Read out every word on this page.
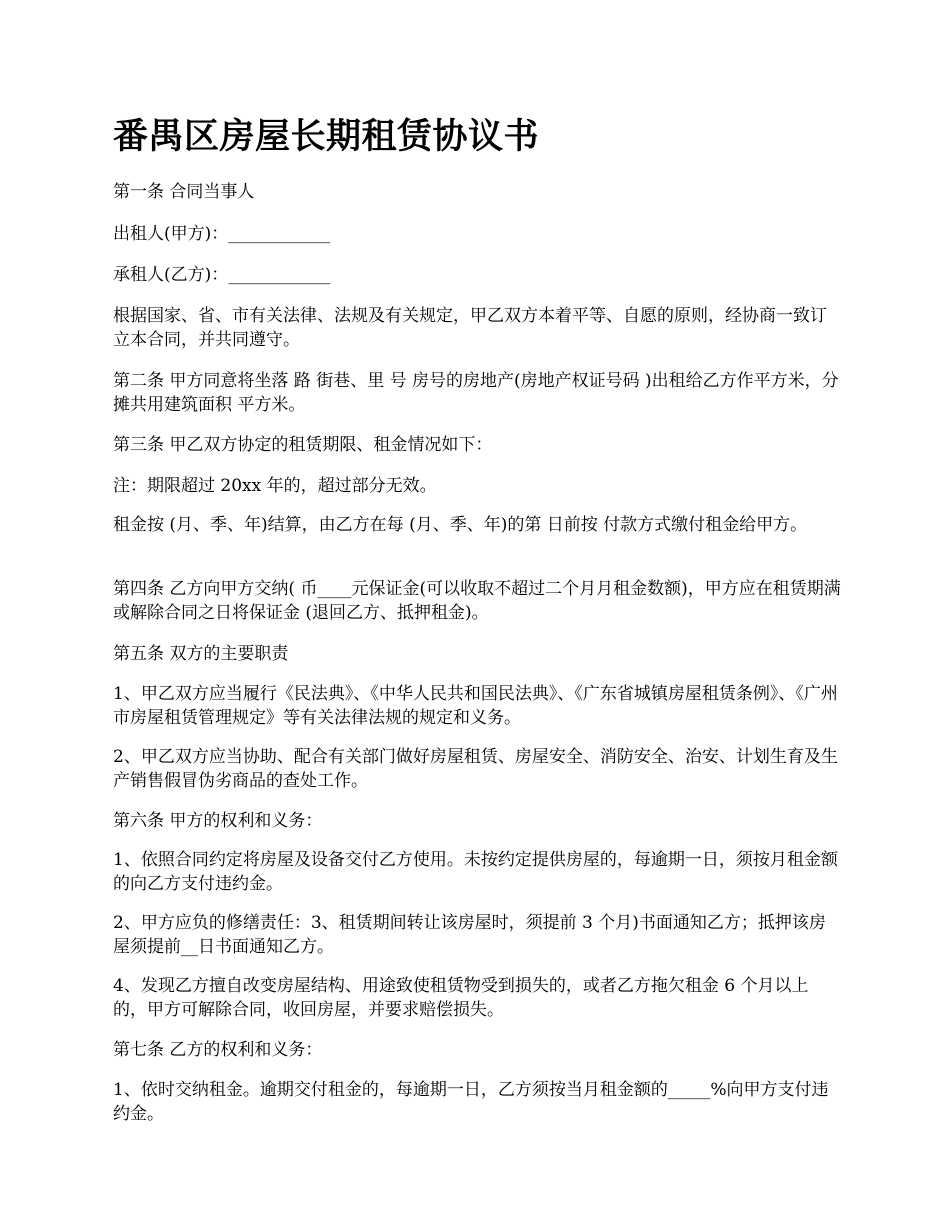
番禺区房屋长期租赁协议书

第一条 合同当事人

出租人(甲方)：____________

承租人(乙方)：____________

根据国家、省、市有关法律、法规及有关规定，甲乙双方本着平等、自愿的原则，经协商一致订立本合同，并共同遵守。

第二条 甲方同意将坐落 路 街巷、里 号 房号的房地产(房地产权证号码 )出租给乙方作平方米，分摊共用建筑面积 平方米。

第三条 甲乙双方协定的租赁期限、租金情况如下：

注：期限超过 20xx 年的，超过部分无效。

租金按 (月、季、年)结算，由乙方在每 (月、季、年)的第 日前按 付款方式缴付租金给甲方。

第四条 乙方向甲方交纳( 币____元保证金(可以收取不超过二个月月租金数额)，甲方应在租赁期满或解除合同之日将保证金 (退回乙方、抵押租金)。

第五条 双方的主要职责

1、甲乙双方应当履行《民法典》、《中华人民共和国民法典》、《广东省城镇房屋租赁条例》、《广州市房屋租赁管理规定》等有关法律法规的规定和义务。

2、甲乙双方应当协助、配合有关部门做好房屋租赁、房屋安全、消防安全、治安、计划生育及生产销售假冒伪劣商品的查处工作。

第六条 甲方的权利和义务：

1、依照合同约定将房屋及设备交付乙方使用。未按约定提供房屋的，每逾期一日，须按月租金额的向乙方支付违约金。

2、甲方应负的修缮责任：3、租赁期间转让该房屋时，须提前 3 个月)书面通知乙方；抵押该房屋须提前__日书面通知乙方。

4、发现乙方擅自改变房屋结构、用途致使租赁物受到损失的，或者乙方拖欠租金 6 个月以上的，甲方可解除合同，收回房屋，并要求赔偿损失。

第七条 乙方的权利和义务：

1、依时交纳租金。逾期交付租金的，每逾期一日，乙方须按当月租金额的_____%向甲方支付违约金。
